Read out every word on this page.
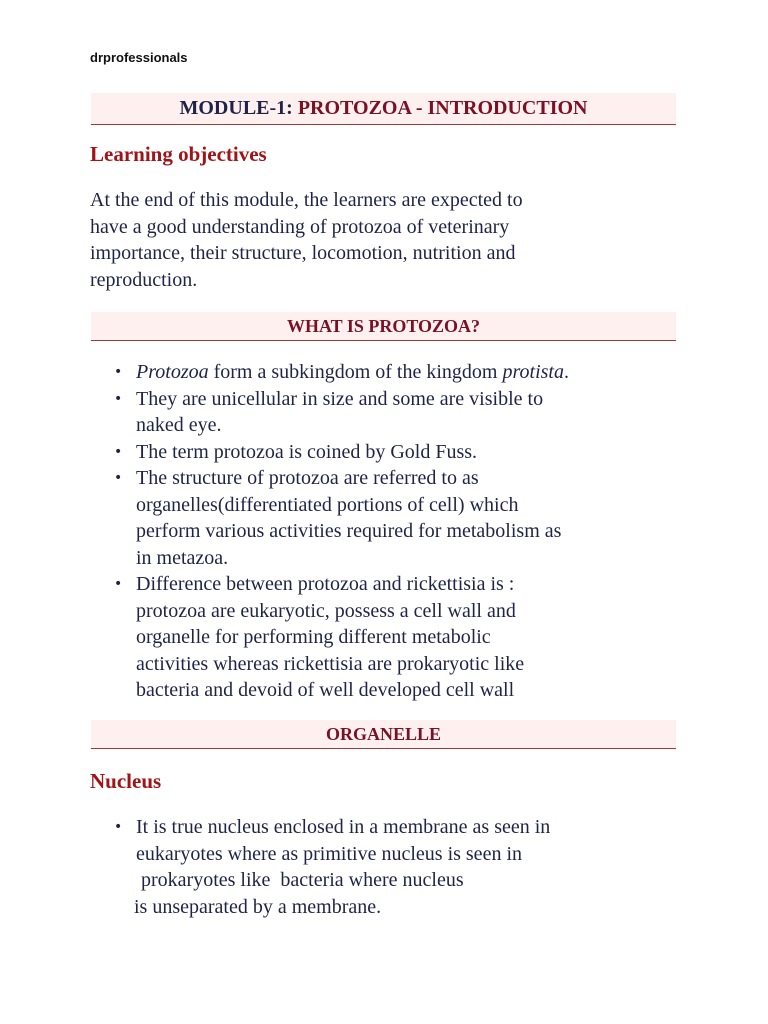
drprofessionals
MODULE-1: PROTOZOA - INTRODUCTION
Learning objectives

At the end of this module, the learners are expected to
have a good understanding of protozoa of veterinary
importance, their structure, locomotion, nutrition and
reproduction.

WHAT IS PROTOZOA?
• Protozoa form a subkingdom of the kingdom protista.
• They are unicellular in size and some are visible to
naked eye.
• The term protozoa is coined by Gold Fuss.
• The structure of protozoa are referred to as
organelles(differentiated portions of cell) which
perform various activities required for metabolism as
in metazoa.
• Difference between protozoa and rickettisia is :
protozoa are eukaryotic, possess a cell wall and
organelle for performing different metabolic
activities whereas rickettisia are prokaryotic like
bacteria and devoid of well developed cell wall
ORGANELLE
Nucleus
• It is true nucleus enclosed in a membrane as seen in
eukaryotes where as primitive nucleus is seen in
prokaryotes like  bacteria where nucleus
is unseparated by a membrane.
